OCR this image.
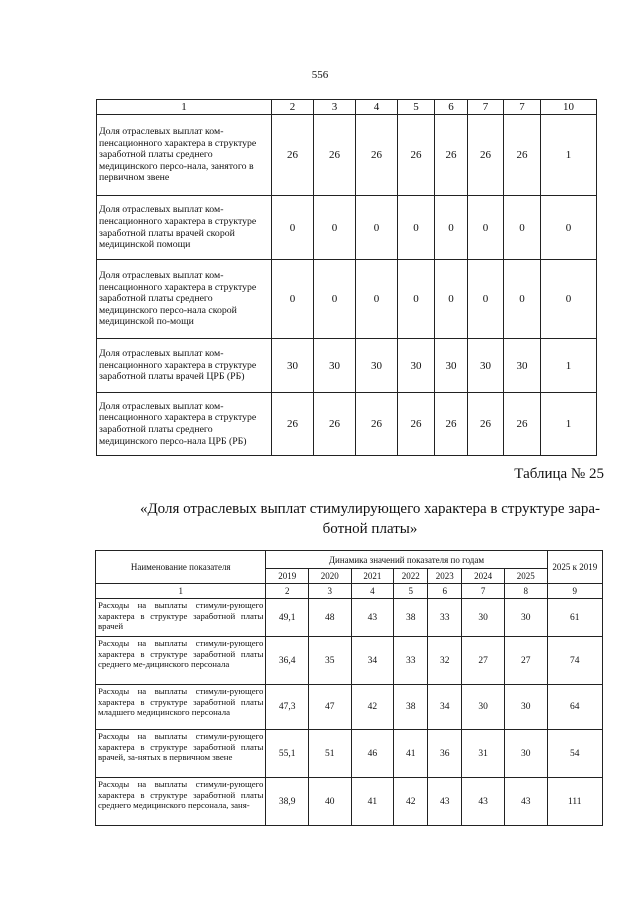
556
1	2	3	4	5	6	7	7	10
Доля отраслевых выплат ком-пенсационного характера в структуре заработной платы среднего медицинского персо-нала, занятого в первичном звене	26	26	26	26	26	26	26	1
Доля отраслевых выплат ком-пенсационного характера в структуре заработной платы врачей скорой медицинской помощи	0	0	0	0	0	0	0	0
Доля отраслевых выплат ком-пенсационного характера в структуре заработной платы среднего медицинского персо-нала скорой медицинской по-мощи	0	0	0	0	0	0	0	0
Доля отраслевых выплат ком-пенсационного характера в структуре заработной платы врачей ЦРБ (РБ)	30	30	30	30	30	30	30	1
Доля отраслевых выплат ком-пенсационного характера в структуре заработной платы среднего медицинского персо-нала ЦРБ (РБ)	26	26	26	26	26	26	26	1
Таблица № 25
«Доля отраслевых выплат стимулирующего характера в структуре зара-ботной платы»
Наименование показателя	Динамика значений показателя по годам							2025 к 2019
	2019	2020	2021	2022	2023	2024	2025	
1	2	3	4	5	6	7	8	9
Расходы на выплаты стимули-рующего характера в структуре заработной платы врачей	49,1	48	43	38	33	30	30	61
Расходы на выплаты стимули-рующего характера в структуре заработной платы среднего ме-дицинского персонала	36,4	35	34	33	32	27	27	74
Расходы на выплаты стимули-рующего характера в структуре заработной платы младшего медицинского персонала	47,3	47	42	38	34	30	30	64
Расходы на выплаты стимули-рующего характера в структуре заработной платы врачей, за-нятых в первичном звене	55,1	51	46	41	36	31	30	54
Расходы на выплаты стимули-рующего характера в структуре заработной платы среднего медицинского персонала, заня-	38,9	40	41	42	43	43	43	111
